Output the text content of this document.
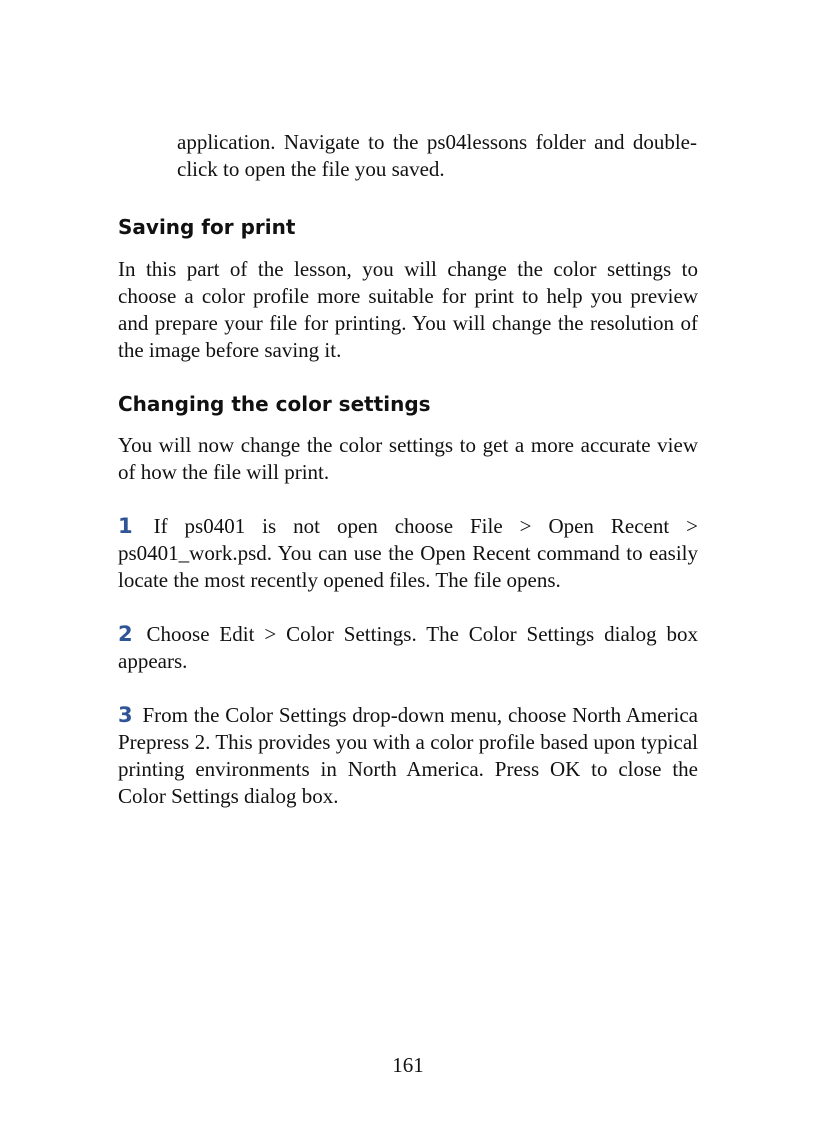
application. Navigate to the ps04lessons folder and double-click to open the file you saved.

Saving for print

In this part of the lesson, you will change the color settings to choose a color profile more suitable for print to help you preview and prepare your file for printing. You will change the resolution of the image before saving it.

Changing the color settings

You will now change the color settings to get a more accurate view of how the file will print.

1 If ps0401 is not open choose File > Open Recent > ps0401_work.psd. You can use the Open Recent command to easily locate the most recently opened files. The file opens.

2 Choose Edit > Color Settings. The Color Settings dialog box appears.

3 From the Color Settings drop-down menu, choose North America Prepress 2. This provides you with a color profile based upon typical printing environments in North America. Press OK to close the Color Settings dialog box.

161
